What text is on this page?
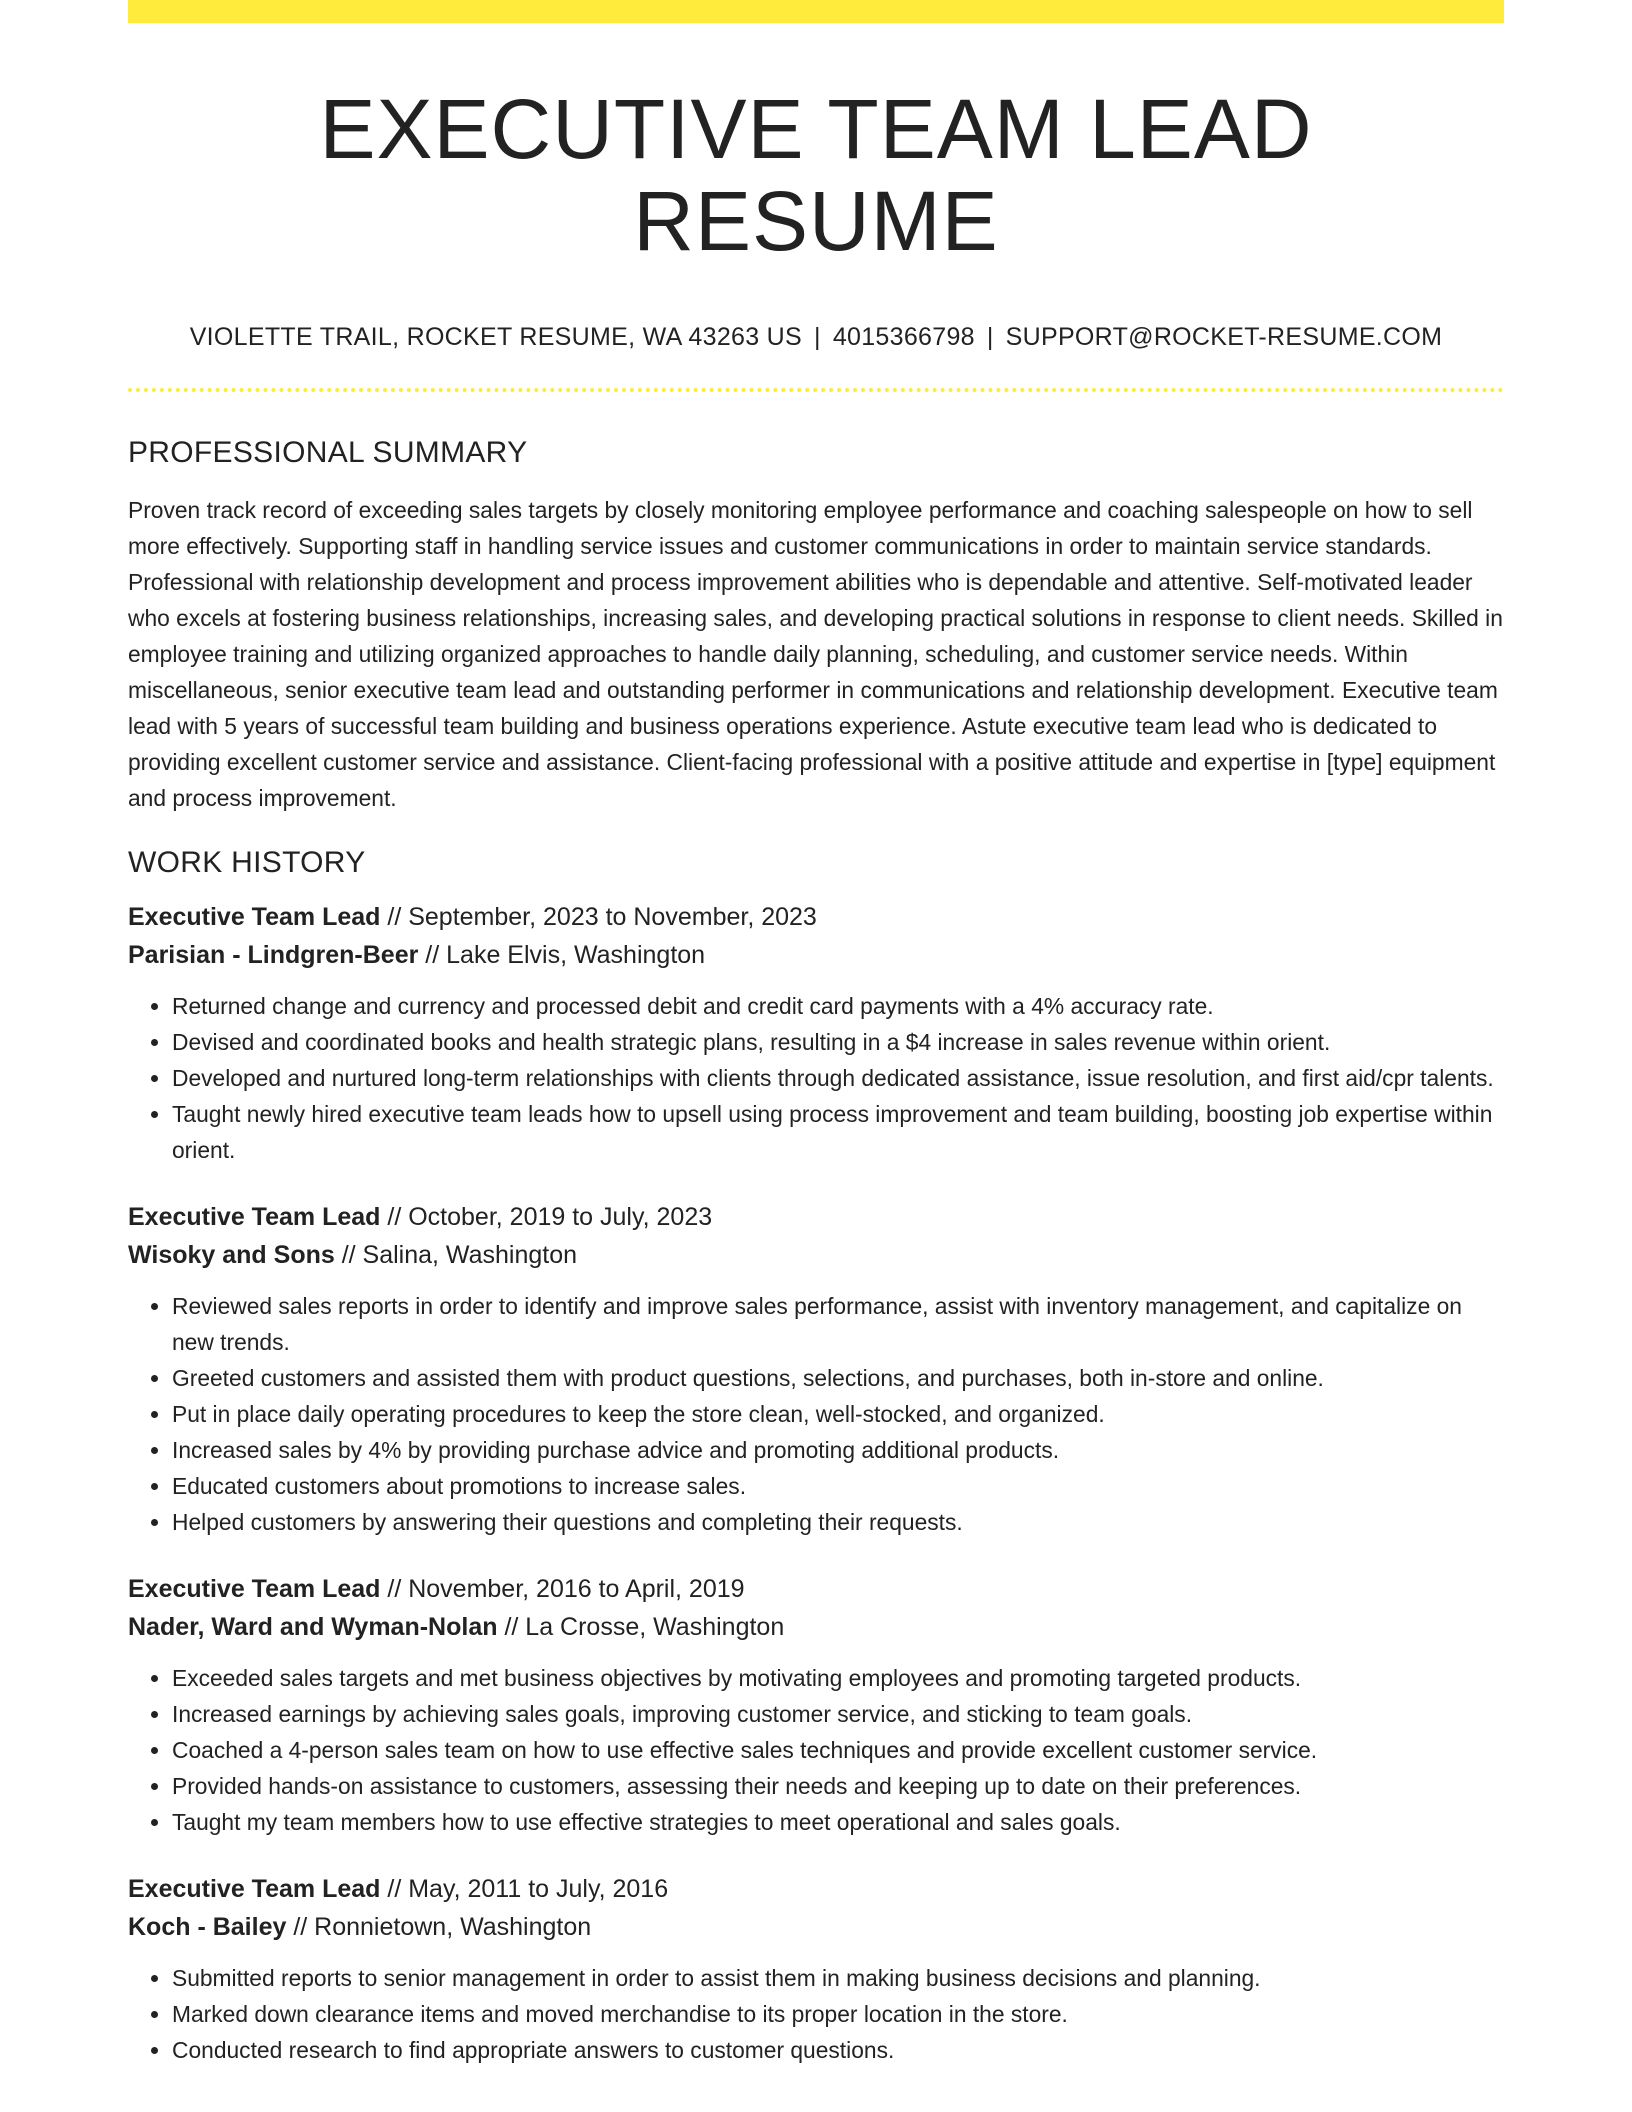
EXECUTIVE TEAM LEAD RESUME
VIOLETTE TRAIL, ROCKET RESUME, WA 43263 US | 4015366798 | SUPPORT@ROCKET-RESUME.COM
PROFESSIONAL SUMMARY
Proven track record of exceeding sales targets by closely monitoring employee performance and coaching salespeople on how to sell more effectively. Supporting staff in handling service issues and customer communications in order to maintain service standards. Professional with relationship development and process improvement abilities who is dependable and attentive. Self-motivated leader who excels at fostering business relationships, increasing sales, and developing practical solutions in response to client needs. Skilled in employee training and utilizing organized approaches to handle daily planning, scheduling, and customer service needs. Within miscellaneous, senior executive team lead and outstanding performer in communications and relationship development. Executive team lead with 5 years of successful team building and business operations experience. Astute executive team lead who is dedicated to providing excellent customer service and assistance. Client-facing professional with a positive attitude and expertise in [type] equipment and process improvement.
WORK HISTORY
Executive Team Lead // September, 2023 to November, 2023
Parisian - Lindgren-Beer // Lake Elvis, Washington
• Returned change and currency and processed debit and credit card payments with a 4% accuracy rate.
• Devised and coordinated books and health strategic plans, resulting in a $4 increase in sales revenue within orient.
• Developed and nurtured long-term relationships with clients through dedicated assistance, issue resolution, and first aid/cpr talents.
• Taught newly hired executive team leads how to upsell using process improvement and team building, boosting job expertise within orient.
Executive Team Lead // October, 2019 to July, 2023
Wisoky and Sons // Salina, Washington
• Reviewed sales reports in order to identify and improve sales performance, assist with inventory management, and capitalize on new trends.
• Greeted customers and assisted them with product questions, selections, and purchases, both in-store and online.
• Put in place daily operating procedures to keep the store clean, well-stocked, and organized.
• Increased sales by 4% by providing purchase advice and promoting additional products.
• Educated customers about promotions to increase sales.
• Helped customers by answering their questions and completing their requests.
Executive Team Lead // November, 2016 to April, 2019
Nader, Ward and Wyman-Nolan // La Crosse, Washington
• Exceeded sales targets and met business objectives by motivating employees and promoting targeted products.
• Increased earnings by achieving sales goals, improving customer service, and sticking to team goals.
• Coached a 4-person sales team on how to use effective sales techniques and provide excellent customer service.
• Provided hands-on assistance to customers, assessing their needs and keeping up to date on their preferences.
• Taught my team members how to use effective strategies to meet operational and sales goals.
Executive Team Lead // May, 2011 to July, 2016
Koch - Bailey // Ronnietown, Washington
• Submitted reports to senior management in order to assist them in making business decisions and planning.
• Marked down clearance items and moved merchandise to its proper location in the store.
• Conducted research to find appropriate answers to customer questions.
